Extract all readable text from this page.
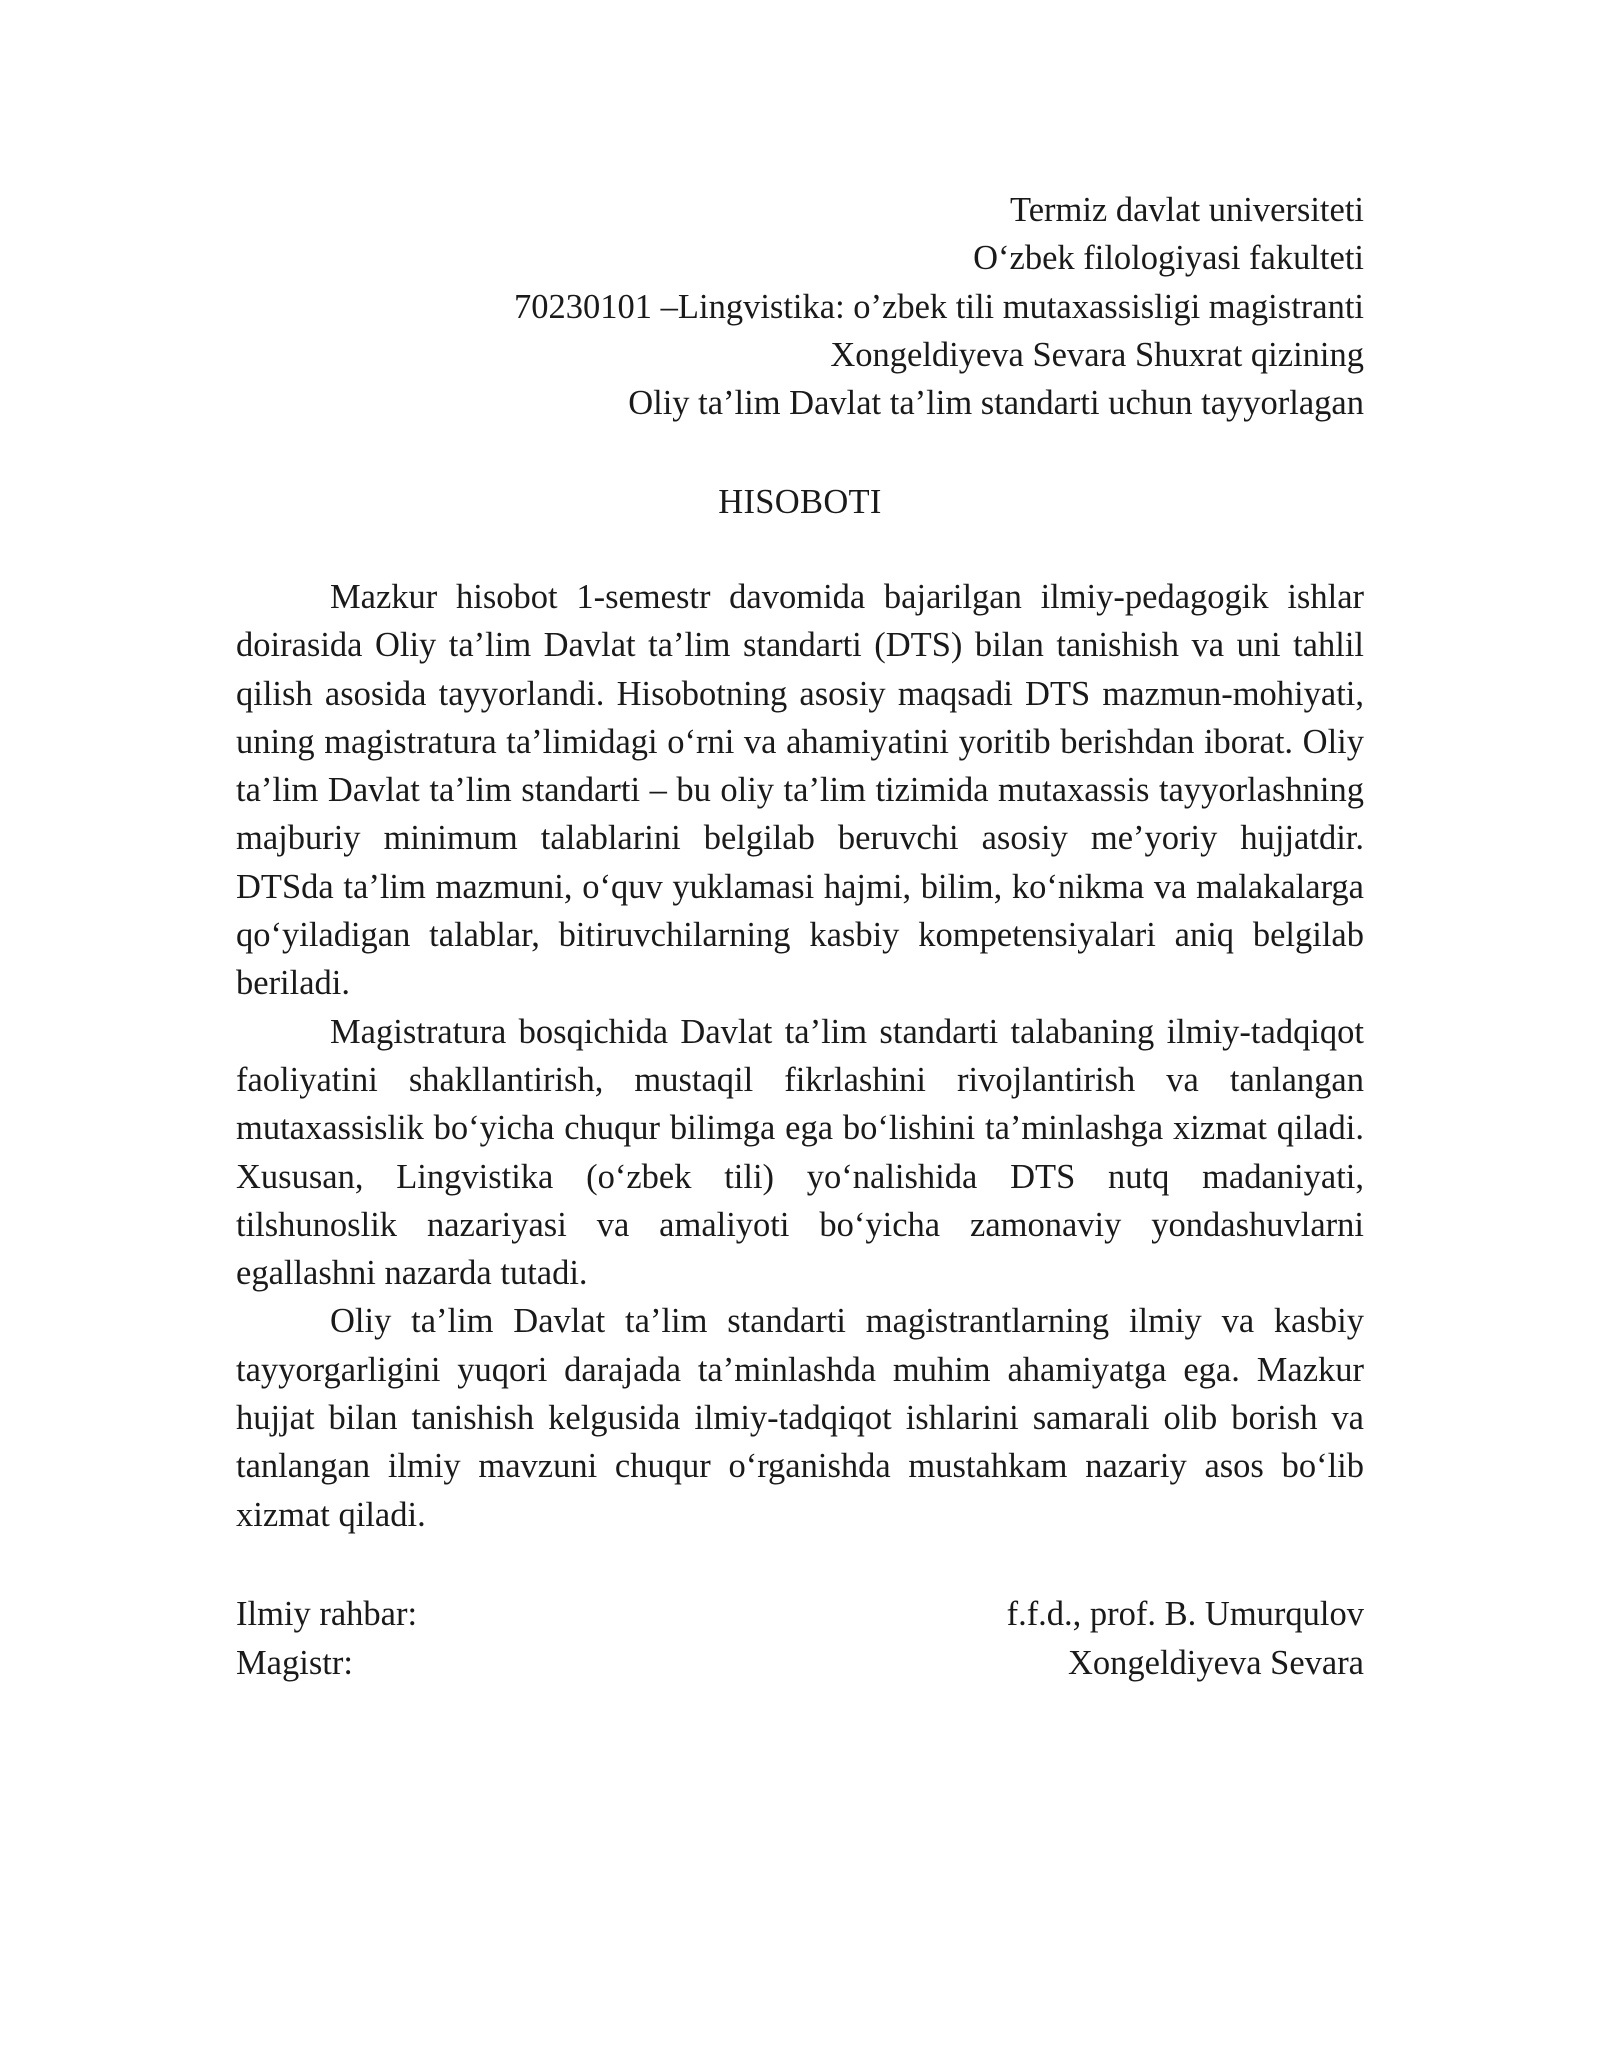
Termiz davlat universiteti
O‘zbek filologiyasi fakulteti
70230101 –Lingvistika: o’zbek tili mutaxassisligi magistranti
Xongeldiyeva Sevara Shuxrat qizining
Oliy ta’lim Davlat ta’lim standarti uchun tayyorlagan
HISOBOTI

Mazkur hisobot 1-semestr davomida bajarilgan ilmiy-pedagogik ishlar doirasida Oliy ta’lim Davlat ta’lim standarti (DTS) bilan tanishish va uni tahlil qilish asosida tayyorlandi. Hisobotning asosiy maqsadi DTS mazmun-mohiyati, uning magistratura ta’limidagi o‘rni va ahamiyatini yoritib berishdan iborat. Oliy ta’lim Davlat ta’lim standarti – bu oliy ta’lim tizimida mutaxassis tayyorlashning majburiy minimum talablarini belgilab beruvchi asosiy me’yoriy hujjatdir. DTSda ta’lim mazmuni, o‘quv yuklamasi hajmi, bilim, ko‘nikma va malakalarga qo‘yiladigan talablar, bitiruvchilarning kasbiy kompetensiyalari aniq belgilab beriladi.

Magistratura bosqichida Davlat ta’lim standarti talabaning ilmiy-tadqiqot faoliyatini shakllantirish, mustaqil fikrlashini rivojlantirish va tanlangan mutaxassislik bo‘yicha chuqur bilimga ega bo‘lishini ta’minlashga xizmat qiladi. Xususan, Lingvistika (o‘zbek tili) yo‘nalishida DTS nutq madaniyati, tilshunoslik nazariyasi va amaliyoti bo‘yicha zamonaviy yondashuvlarni egallashni nazarda tutadi.

Oliy ta’lim Davlat ta’lim standarti magistrantlarning ilmiy va kasbiy tayyorgarligini yuqori darajada ta’minlashda muhim ahamiyatga ega. Mazkur hujjat bilan tanishish kelgusida ilmiy-tadqiqot ishlarini samarali olib borish va tanlangan ilmiy mavzuni chuqur o‘rganishda mustahkam nazariy asos bo‘lib xizmat qiladi.

Ilmiy rahbar:	f.f.d., prof. B. Umurqulov
Magistr:	Xongeldiyeva Sevara
